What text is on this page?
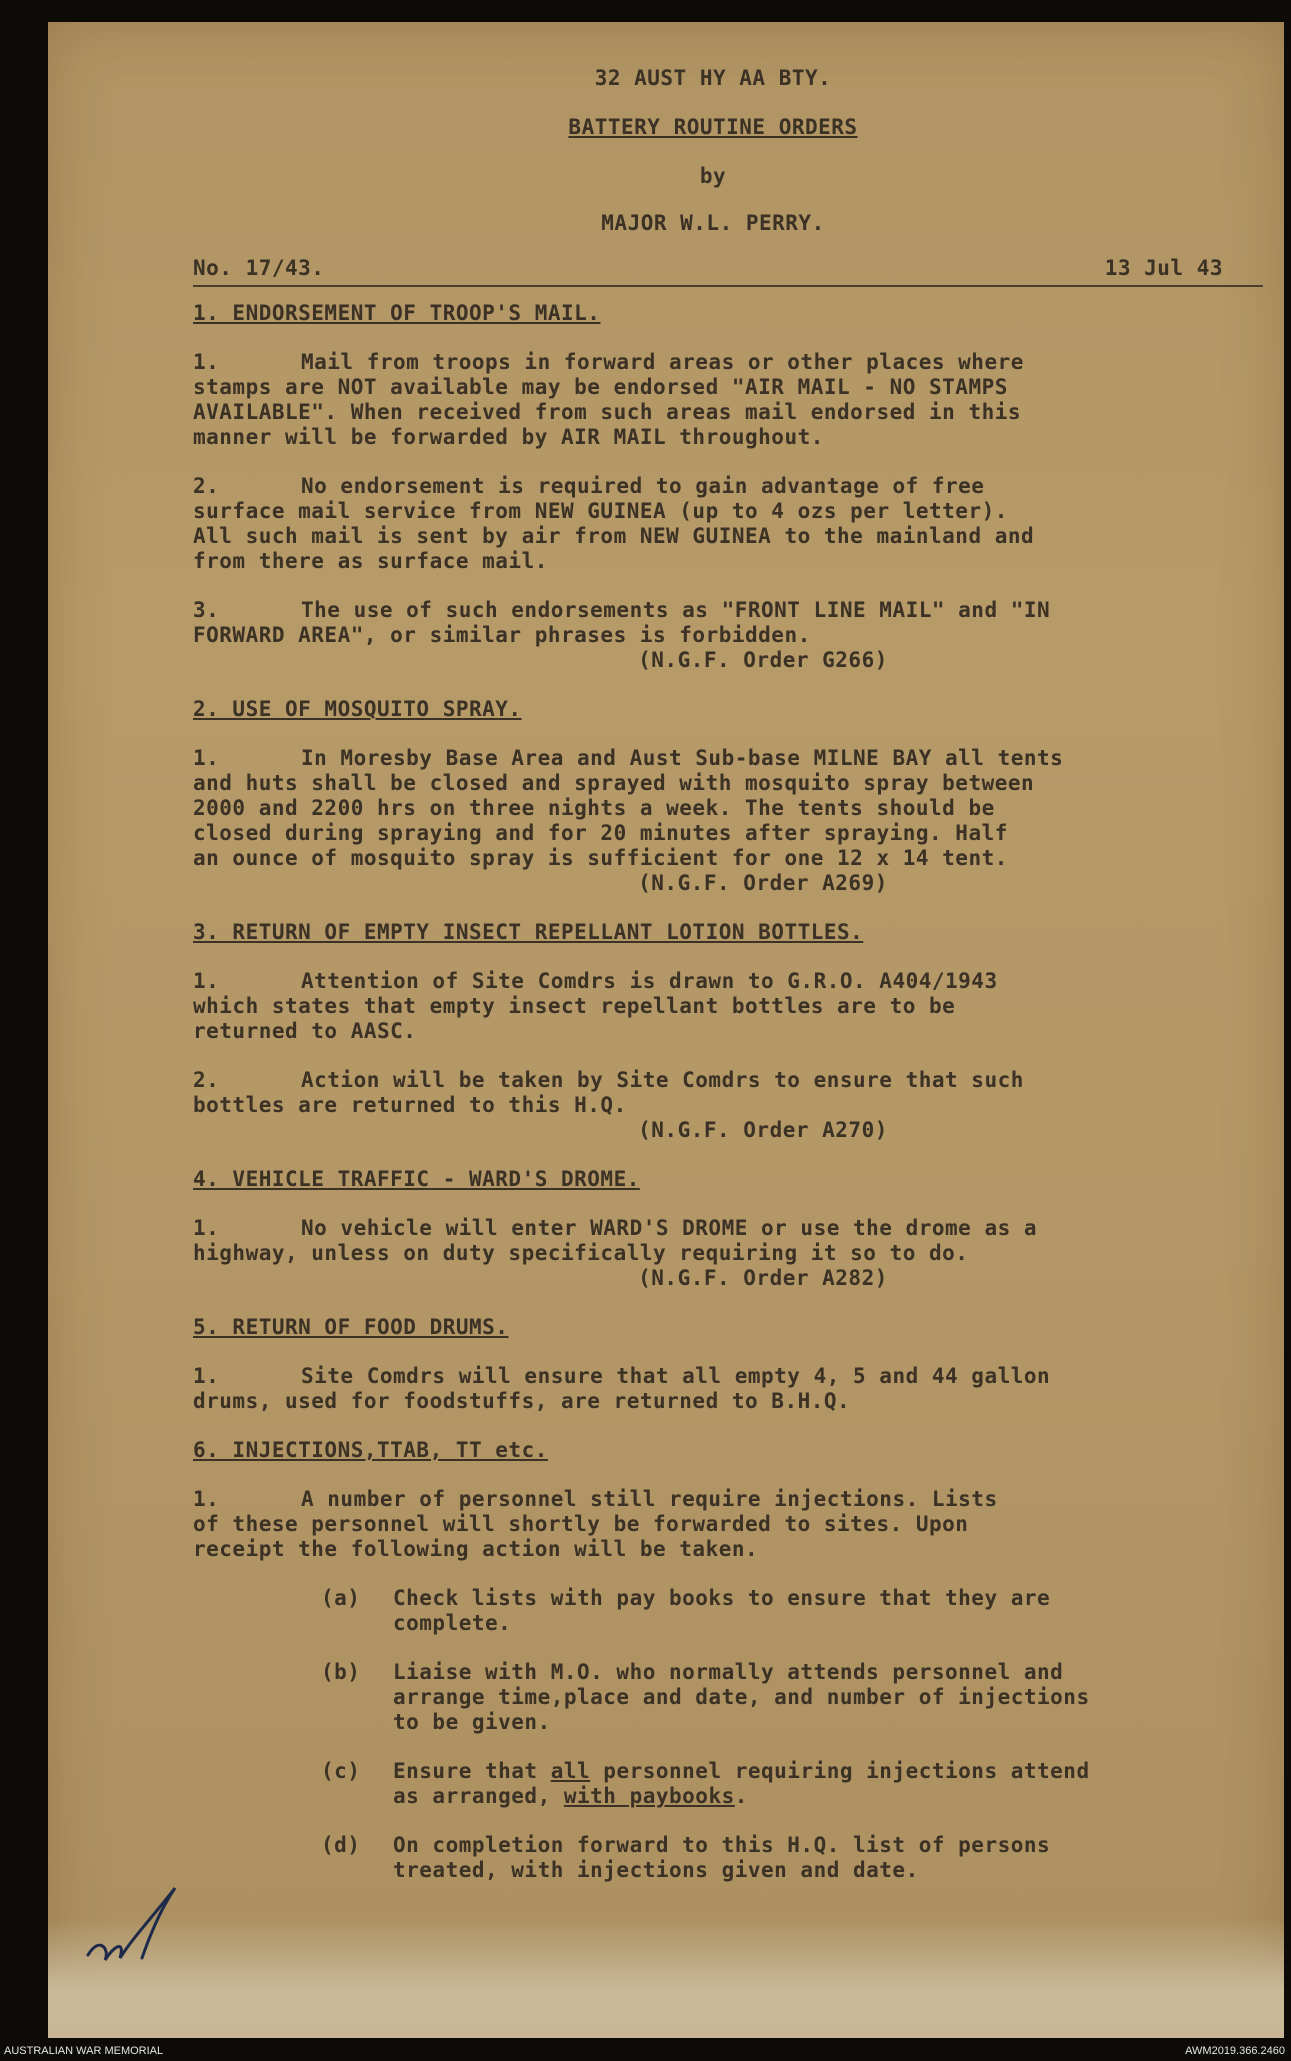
32 AUST HY AA BTY.
BATTERY ROUTINE ORDERS
by
MAJOR W.L. PERRY.
No. 17/43.	13 Jul 43
1. ENDORSEMENT OF TROOP'S MAIL.
1.	Mail from troops in forward areas or other places where
stamps are NOT available may be endorsed "AIR MAIL - NO STAMPS
AVAILABLE". When received from such areas mail endorsed in this
manner will be forwarded by AIR MAIL throughout.
2.	No endorsement is required to gain advantage of free
surface mail service from NEW GUINEA (up to 4 ozs per letter).
All such mail is sent by air from NEW GUINEA to the mainland and
from there as surface mail.
3.	The use of such endorsements as "FRONT LINE MAIL" and "IN
FORWARD AREA", or similar phrases is forbidden.
(N.G.F. Order G266)
2. USE OF MOSQUITO SPRAY.
1.	In Moresby Base Area and Aust Sub-base MILNE BAY all tents
and huts shall be closed and sprayed with mosquito spray between
2000 and 2200 hrs on three nights a week. The tents should be
closed during spraying and for 20 minutes after spraying. Half
an ounce of mosquito spray is sufficient for one 12 x 14 tent.
(N.G.F. Order A269)
3. RETURN OF EMPTY INSECT REPELLANT LOTION BOTTLES.
1.	Attention of Site Comdrs is drawn to G.R.O. A404/1943
which states that empty insect repellant bottles are to be
returned to AASC.
2.	Action will be taken by Site Comdrs to ensure that such
bottles are returned to this H.Q.
(N.G.F. Order A270)
4. VEHICLE TRAFFIC - WARD'S DROME.
1.	No vehicle will enter WARD'S DROME or use the drome as a
highway, unless on duty specifically requiring it so to do.
(N.G.F. Order A282)
5. RETURN OF FOOD DRUMS.
1.	Site Comdrs will ensure that all empty 4, 5 and 44 gallon
drums, used for foodstuffs, are returned to B.H.Q.
6. INJECTIONS,TTAB, TT etc.
1.	A number of personnel still require injections. Lists
of these personnel will shortly be forwarded to sites. Upon
receipt the following action will be taken.
(a)	Check lists with pay books to ensure that they are
complete.
(b)	Liaise with M.O. who normally attends personnel and
arrange time,place and date, and number of injections
to be given.
(c)	Ensure that all personnel requiring injections attend
as arranged, with paybooks.
(d)	On completion forward to this H.Q. list of persons
treated, with injections given and date.
AUSTRALIAN WAR MEMORIAL	AWM2019.366.2460
